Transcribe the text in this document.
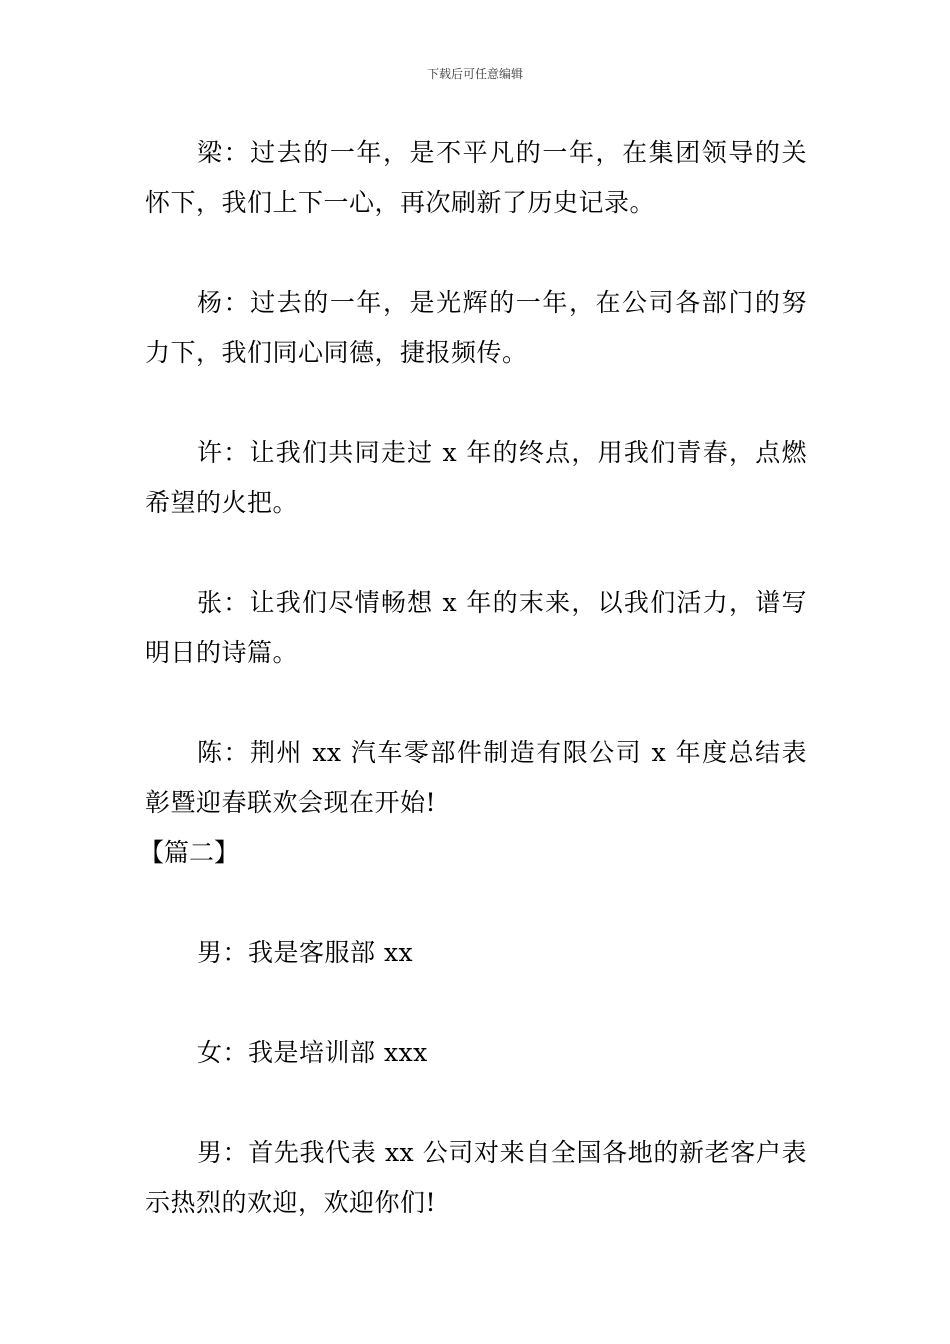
下载后可任意编辑

梁：过去的一年，是不平凡的一年，在集团领导的关怀下，我们上下一心，再次刷新了历史记录。

杨：过去的一年，是光辉的一年，在公司各部门的努力下，我们同心同德，捷报频传。

许：让我们共同走过 x 年的终点，用我们青春，点燃希望的火把。

张：让我们尽情畅想 x 年的末来，以我们活力，谱写明日的诗篇。

陈：荆州 xx 汽车零部件制造有限公司 x 年度总结表彰暨迎春联欢会现在开始!

【篇二】

男：我是客服部 xx

女：我是培训部 xxx

男：首先我代表 xx 公司对来自全国各地的新老客户表示热烈的欢迎，欢迎你们!
